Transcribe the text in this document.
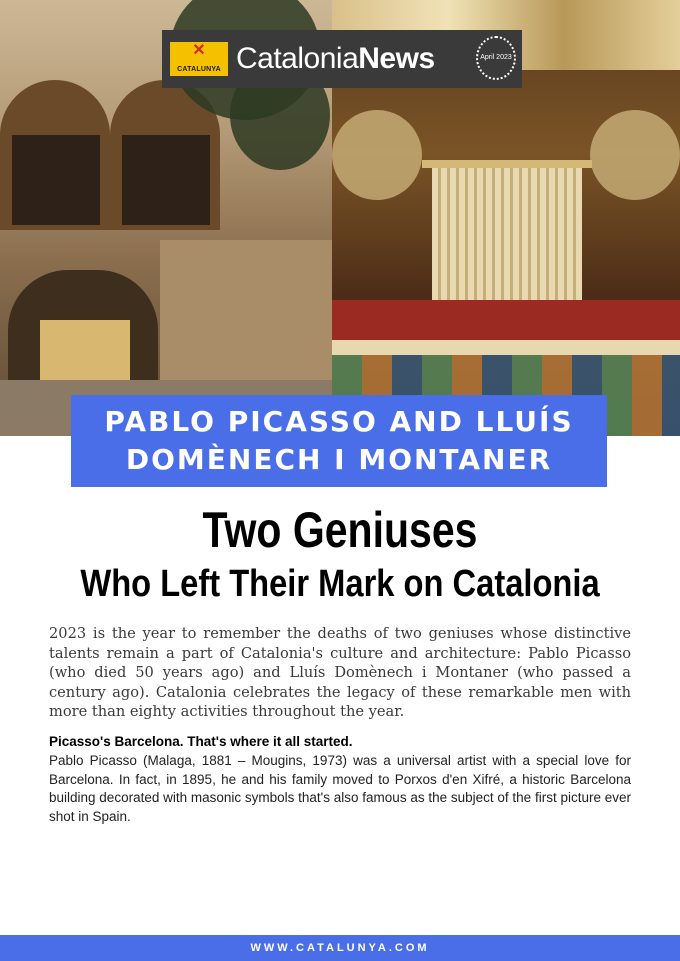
✕
CATALUNYA CataloniaNews	April 2023
PABLO PICASSO AND LLUÍS
DOMÈNECH I MONTANER
Two Geniuses
Who Left Their Mark on Catalonia

2023 is the year to remember the deaths of two geniuses whose distinctive talents remain a part of Catalonia's culture and architecture: Pablo Picasso (who died 50 years ago) and Lluís Domènech i Montaner (who passed a century ago). Catalonia celebrates the legacy of these remarkable men with more than eighty activities throughout the year.

Picasso's Barcelona. That's where it all started.

Pablo Picasso (Malaga, 1881 – Mougins, 1973) was a universal artist with a special love for Barcelona. In fact, in 1895, he and his family moved to Porxos d'en Xifré, a historic Barcelona building decorated with masonic symbols that's also famous as the subject of the first picture ever shot in Spain.

WWW.CATALUNYA.COM
